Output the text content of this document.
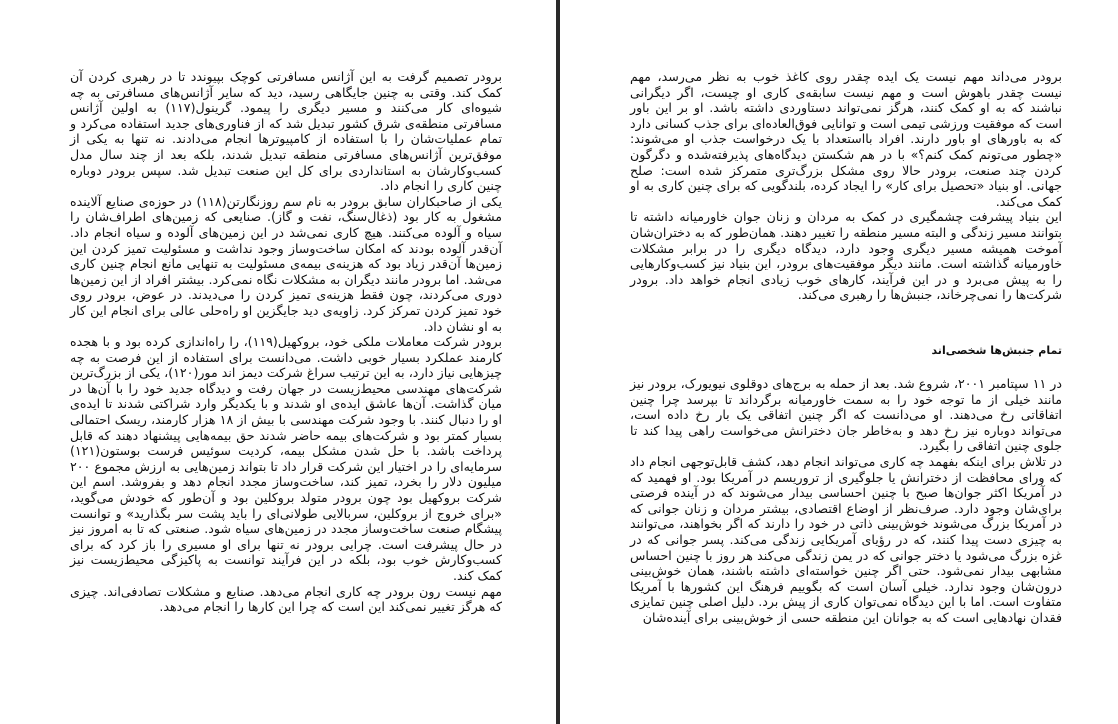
برودر تصمیم گرفت به این آژانس مسافرتی کوچک بپیوندد تا در رهبری کردن آن کمک کند. وقتی به چنین جایگاهی رسید، دید که سایر آژانس‌های مسافرتی به چه شیوه‌ای کار می‌کنند و مسیر دیگری را پیمود. گرینول(۱۱۷) به اولین آژانس مسافرتی منطقه‌ی شرق کشور تبدیل شد که از فناوری‌های جدید استفاده می‌کرد و تمام عملیات‌شان را با استفاده از کامپیوترها انجام می‌دادند. نه تنها به یکی از موفق‌ترین آژانس‌های مسافرتی منطقه تبدیل شدند، بلکه بعد از چند سال مدل کسب‌وکارشان به استانداردی برای کل این صنعت تبدیل شد. سپس برودر دوباره چنین کاری را انجام داد.

یکی از صاحبکاران سابق برودر به نام سم روزنگارتن(۱۱۸) در حوزه‌ی صنایع آلاینده مشغول به کار بود (ذغال‌سنگ، نفت و گاز). صنایعی که زمین‌های اطراف‌شان را سیاه و آلوده می‌کنند. هیچ کاری نمی‌شد در این زمین‌های آلوده و سیاه انجام داد. آن‌قدر آلوده بودند که امکان ساخت‌وساز وجود نداشت و مسئولیت تمیز کردن این زمین‌ها آن‌قدر زیاد بود که هزینه‌ی بیمه‌ی مسئولیت به تنهایی مانع انجام چنین کاری می‌شد. اما برودر مانند دیگران به مشکلات نگاه نمی‌کرد. بیشتر افراد از این زمین‌ها دوری می‌کردند، چون فقط هزینه‌ی تمیز کردن را می‌دیدند. در عوض، برودر روی خود تمیز کردن تمرکز کرد. زاویه‌ی دید جایگزین او راه‌حلی عالی برای انجام این کار به او نشان داد.

برودر شرکت معاملات ملکی خود، بروکهیل(۱۱۹)، را راه‌اندازی کرده بود و با هجده کارمند عملکرد بسیار خوبی داشت. می‌دانست برای استفاده از این فرصت به چه چیزهایی نیاز دارد، به این ترتیب سراغ شرکت دیمز اند مور(۱۲۰)، یکی از بزرگ‌ترین شرکت‌های مهندسی محیط‌زیست در جهان رفت و دیدگاه جدید خود را با آن‌ها در میان گذاشت. آن‌ها عاشق ایده‌ی او شدند و با یکدیگر وارد شراکتی شدند تا ایده‌ی او را دنبال کنند. با وجود شرکت مهندسی با بیش از ۱۸ هزار کارمند، ریسک احتمالی بسیار کمتر بود و شرکت‌های بیمه حاضر شدند حق بیمه‌هایی پیشنهاد دهند که قابل پرداخت باشد. با حل شدن مشکل بیمه، کردیت سوئیس فرست بوستون(۱۲۱) سرمایه‌ای را در اختیار این شرکت قرار داد تا بتواند زمین‌هایی به ارزش مجموع ۲۰۰ میلیون دلار را بخرد، تمیز کند، ساخت‌وساز مجدد انجام دهد و بفروشد. اسم این شرکت بروکهیل بود چون برودر متولد بروکلین بود و آن‌طور که خودش می‌گوید، «برای خروج از بروکلین، سربالایی طولانی‌ای را باید پشت سر بگذارید» و توانست پیشگام صنعت ساخت‌وساز مجدد در زمین‌های سیاه شود. صنعتی که تا به امروز نیز در حال پیشرفت است. چرایی برودر نه تنها برای او مسیری را باز کرد که برای کسب‌وکارش خوب بود، بلکه در این فرآیند توانست به پاکیزگی محیط‌زیست نیز کمک کند.

مهم نیست رون برودر چه کاری انجام می‌دهد. صنایع و مشکلات تصادفی‌اند. چیزی که هرگز تغییر نمی‌کند این است که چرا این کارها را انجام می‌دهد.

برودر می‌داند مهم نیست یک ایده چقدر روی کاغذ خوب به نظر می‌رسد، مهم نیست چقدر باهوش است و مهم نیست سابقه‌ی کاری او چیست، اگر دیگرانی نباشند که به او کمک کنند، هرگز نمی‌تواند دستاوردی داشته باشد. او بر این باور است که موفقیت ورزشی تیمی است و توانایی فوق‌العاده‌ای برای جذب کسانی دارد که به باورهای او باور دارند. افراد بااستعداد با یک درخواست جذب او می‌شوند: «چطور می‌تونم کمک کنم؟» با در هم شکستن دیدگاه‌های پذیرفته‌شده و دگرگون کردن چند صنعت، برودر حالا روی مشکل بزرگ‌تری متمرکز شده است: صلح جهانی. او بنیاد «تحصیل برای کار» را ایجاد کرده، بلندگویی که برای چنین کاری به او کمک می‌کند.

این بنیاد پیشرفت چشمگیری در کمک به مردان و زنان جوان خاورمیانه داشته تا بتوانند مسیر زندگی و البته مسیر منطقه را تغییر دهند. همان‌طور که به دختران‌شان آموخت همیشه مسیر دیگری وجود دارد، دیدگاه دیگری را در برابر مشکلات خاورمیانه گذاشته است. مانند دیگر موفقیت‌های برودر، این بنیاد نیز کسب‌وکارهایی را به پیش می‌برد و در این فرآیند، کارهای خوب زیادی انجام خواهد داد. برودر شرکت‌ها را نمی‌چرخاند، جنبش‌ها را رهبری می‌کند.

تمام جنبش‌ها شخصی‌اند

در ۱۱ سپتامبر ۲۰۰۱، شروع شد. بعد از حمله به برج‌های دوقلوی نیویورک، برودر نیز مانند خیلی از ما توجه خود را به سمت خاورمیانه برگرداند تا بپرسد چرا چنین اتفاقاتی رخ می‌دهند. او می‌دانست که اگر چنین اتفاقی یک بار رخ داده است، می‌تواند دوباره نیز رخ دهد و به‌خاطر جان دخترانش می‌خواست راهی پیدا کند تا جلوی چنین اتفاقی را بگیرد.

در تلاش برای اینکه بفهمد چه کاری می‌تواند انجام دهد، کشف قابل‌توجهی انجام داد که ورای محافظت از دخترانش یا جلوگیری از تروریسم در آمریکا بود. او فهمید که در آمریکا اکثر جوان‌ها صبح با چنین احساسی بیدار می‌شوند که در آینده فرصتی برای‌شان وجود دارد. صرف‌نظر از اوضاع اقتصادی، بیشتر مردان و زنان جوانی که در آمریکا بزرگ می‌شوند خوش‌بینی ذاتی در خود را دارند که اگر بخواهند، می‌توانند به چیزی دست پیدا کنند، که در رؤیای آمریکایی زندگی می‌کند. پسر جوانی که در غزه بزرگ می‌شود یا دختر جوانی که در یمن زندگی می‌کند هر روز با چنین احساس مشابهی بیدار نمی‌شود. حتی اگر چنین خواسته‌ای داشته باشند، همان خوش‌بینی درون‌شان وجود ندارد. خیلی آسان است که بگوییم فرهنگ این کشورها با آمریکا متفاوت است. اما با این دیدگاه نمی‌توان کاری از پیش برد. دلیل اصلی چنین تمایزی فقدان نهادهایی است که به جوانان این منطقه حسی از خوش‌بینی برای آینده‌شان
